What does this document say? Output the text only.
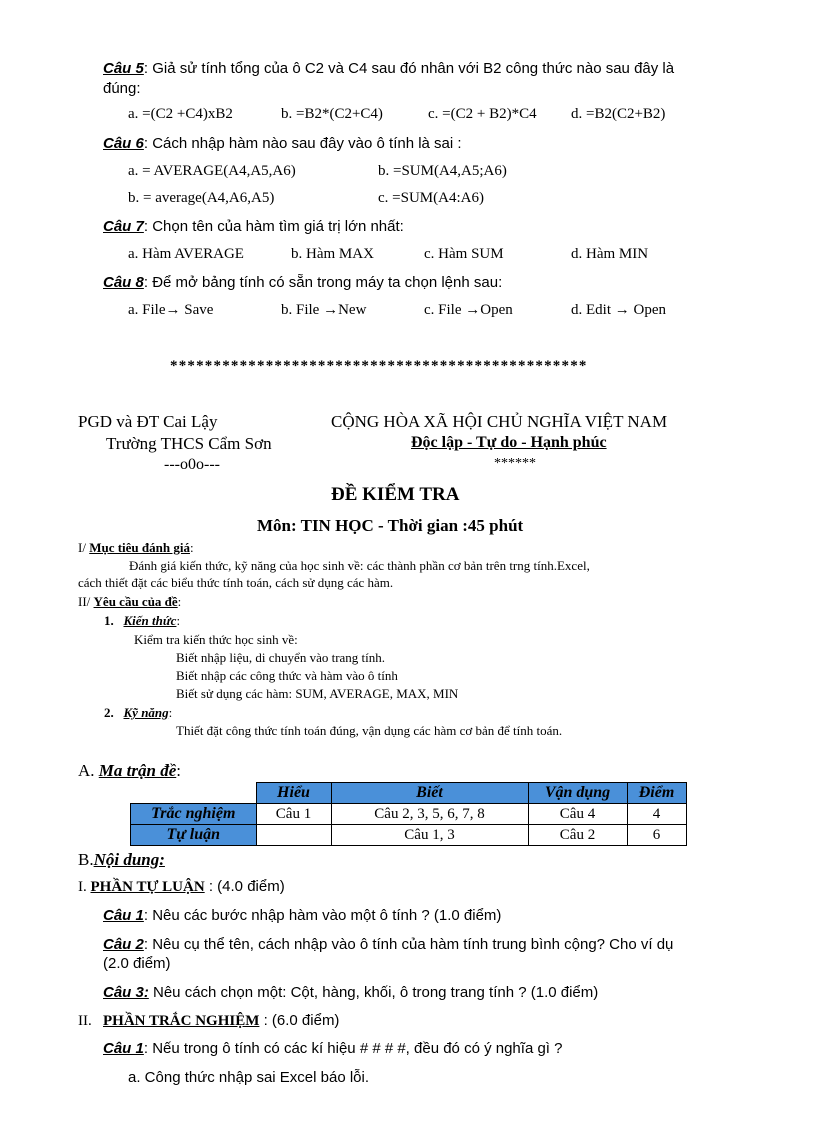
Câu 5: Giả sử tính tổng của ô C2 và C4 sau đó nhân với B2 công thức nào sau đây là
đúng:
a. =(C2 +C4)xB2	b. =B2*(C2+C4)	c. =(C2 + B2)*C4 d. =B2(C2+B2)
Câu 6: Cách nhập hàm nào sau đây vào ô tính là sai :
a. = AVERAGE(A4,A5,A6)	b. =SUM(A4,A5;A6)
b. = average(A4,A6,A5)	c. =SUM(A4:A6)
Câu 7: Chọn tên của hàm tìm giá trị lớn nhất:
a. Hàm AVERAGE	b. Hàm MAX	c. Hàm SUM	d. Hàm MIN
Câu 8: Để mở bảng tính có sẵn trong máy ta chọn lệnh sau:
a. File→ Save	b. File →New	c. File →Open	d. Edit → Open
************************************************
PGD và ĐT Cai Lậy
Trường THCS Cẩm Sơn
---o0o---
CỘNG HÒA XÃ HỘI CHỦ NGHĨA VIỆT NAM
Độc lập - Tự do - Hạnh phúc
******
ĐỀ KIỂM TRA
Môn: TIN HỌC - Thời gian :45 phút
I/ Mục tiêu đánh giá:
Đánh giá kiến thức, kỹ năng của học sinh về: các thành phần cơ bản trên trng tính.Excel,
cách thiết đặt các biểu thức tính toán, cách sử dụng các hàm.
II/ Yêu cầu của đề:
1. Kiến thức:
Kiểm tra kiến thức học sinh về:
Biết nhập liệu, di chuyển vào trang tính.
Biết nhập các công thức và hàm vào ô tính
Biết sử dụng các hàm: SUM, AVERAGE, MAX, MIN
2. Kỹ năng:
Thiết đặt công thức tính toán đúng, vận dụng các hàm cơ bản để tính toán.
A. Ma trận đề:
	Hiểu	Biết	Vận dụng	Điểm
Trắc nghiệm	Câu 1	Câu 2, 3, 5, 6, 7, 8	Câu 4	4
Tự luận		Câu 1, 3	Câu 2	6
B.Nội dung:
I. PHẦN TỰ LUẬN : (4.0 điểm)
Câu 1: Nêu các bước nhập hàm vào một ô tính ? (1.0 điểm)
Câu 2: Nêu cụ thể tên, cách nhập vào ô tính của hàm tính trung bình cộng? Cho ví dụ
(2.0 điểm)
Câu 3: Nêu cách chọn một: Cột, hàng, khối, ô trong trang tính ? (1.0 điểm)
II. PHẦN TRẮC NGHIỆM : (6.0 điểm)
Câu 1: Nếu trong ô tính có các kí hiệu # # # #, đều đó có ý nghĩa gì ?
a. Công thức nhập sai Excel báo lỗi.
